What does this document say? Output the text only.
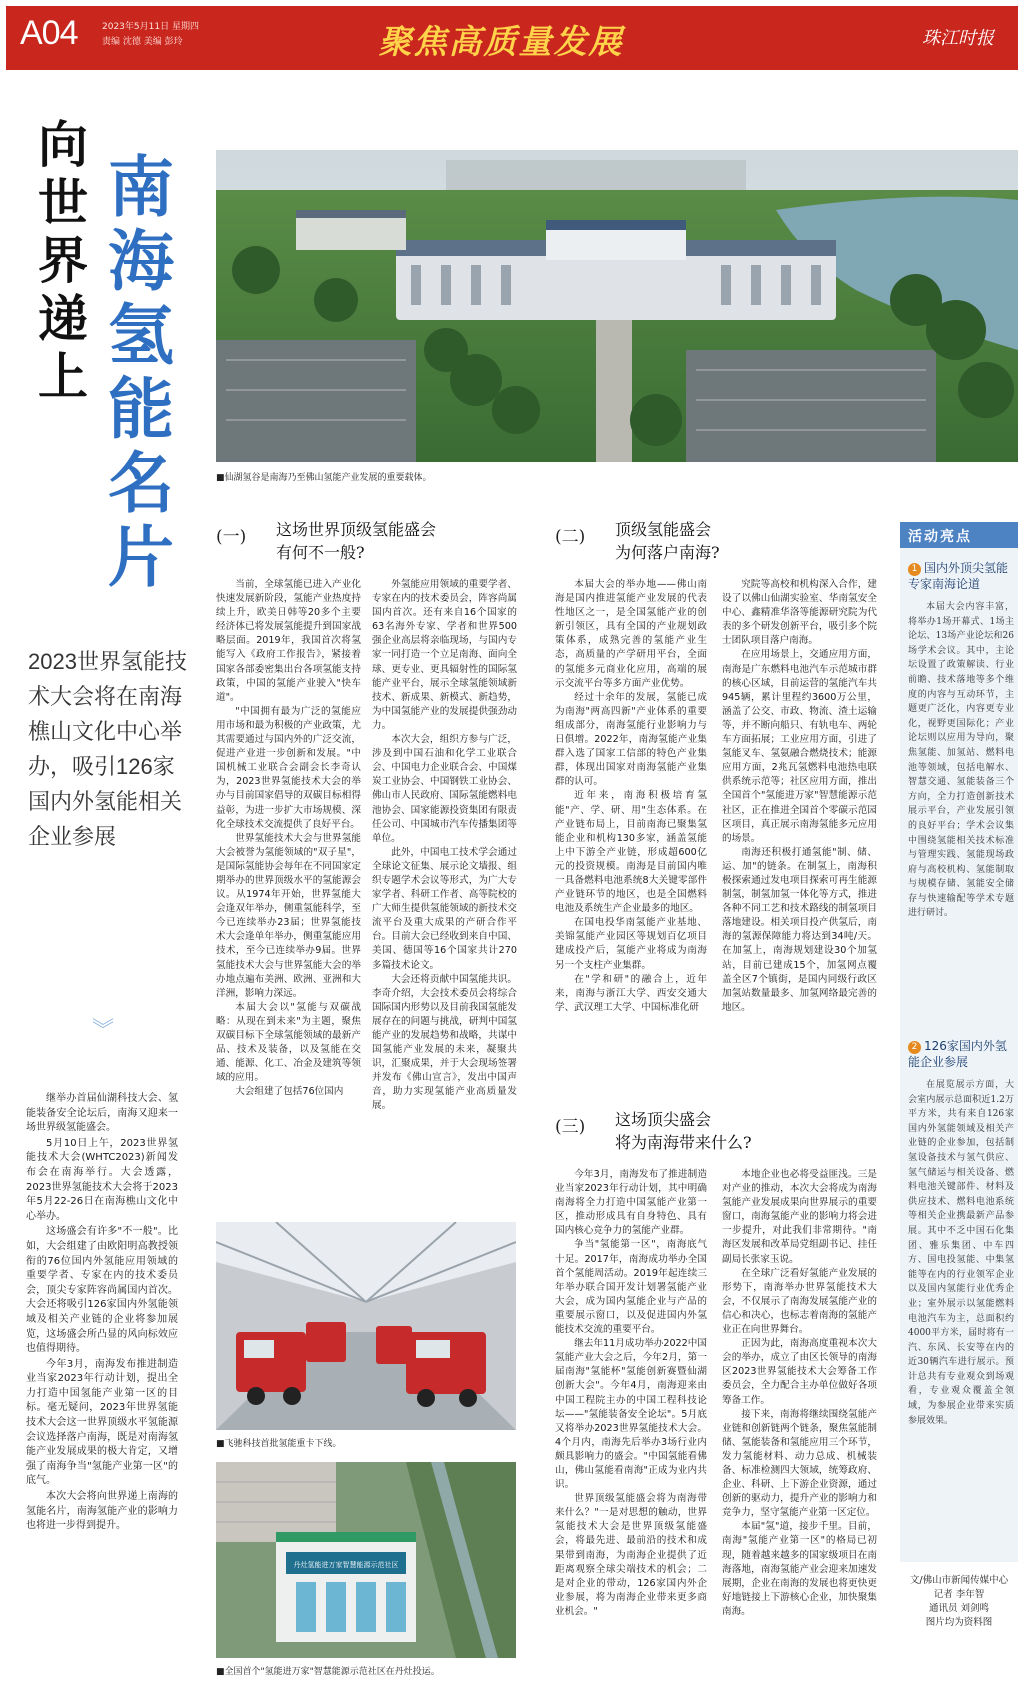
A04	2023年5月11日 星期四
责编 沈德 美编 彭玲	聚焦高质量发展	珠江时报
向
世
界
递
上
南
海
氢
能
名
片
2023世界氢能技术大会将在南海樵山文化中心举办，吸引126家国内外氢能相关企业参展
︾

继举办首届仙湖科技大会、氢能装备安全论坛后，南海又迎来一场世界级氢能盛会。

5月10日上午，2023世界氢能技术大会(WHTC2023)新闻发布会在南海举行。大会透露，2023世界氢能技术大会将于2023年5月22-26日在南海樵山文化中心举办。

这场盛会有许多"不一般"。比如，大会组建了由欧阳明高教授领衔的76位国内外氢能应用领域的重要学者、专家在内的技术委员会，顶尖专家阵容尚属国内首次。大会还将吸引126家国内外氢能领域及相关产业链的企业将参加展览，这场盛会所凸显的风向标效应也值得期待。

今年3月，南海发布推进制造业当家2023年行动计划，提出全力打造中国氢能产业第一区的目标。毫无疑问，2023年世界氢能技术大会这一世界顶级水平氢能源会议选择落户南海，既是对南海氢能产业发展成果的极大肯定，又增强了南海争当"氢能产业第一区"的底气。

本次大会将向世界递上南海的氢能名片，南海氢能产业的影响力也将进一步得到提升。

■仙湖氢谷是南海乃至佛山氢能产业发展的重要载体。
(一) 这场世界顶级氢能盛会
有何不一般?
(二) 顶级氢能盛会
为何落户南海?
(三) 这场顶尖盛会
将为南海带来什么?

当前，全球氢能已进入产业化快速发展新阶段，氢能产业热度持续上升，欧美日韩等20多个主要经济体已将发展氢能提升到国家战略层面。2019年，我国首次将氢能写入《政府工作报告》，紧接着国家各部委密集出台各项氢能支持政策，中国的氢能产业驶入"快车道"。

"中国拥有最为广泛的氢能应用市场和最为积极的产业政策，尤其需要通过与国内外的广泛交流，促进产业进一步创新和发展。"中国机械工业联合会副会长李奇认为，2023世界氢能技术大会的举办与目前国家倡导的双碳目标相得益彰，为进一步扩大市场规模、深化全球技术交流提供了良好平台。

世界氢能技术大会与世界氢能大会被誉为氢能领域的"双子星"，是国际氢能协会每年在不同国家定期举办的世界顶级水平的氢能源会议。从1974年开始，世界氢能大会逢双年举办，侧重氢能科学，至今已连续举办23届；世界氢能技术大会逢单年举办，侧重氢能应用技术，至今已连续举办9届。世界氢能技术大会与世界氢能大会的举办地点遍布美洲、欧洲、亚洲和大洋洲，影响力深远。

本届大会以"氢能与双碳战略：从现在到未来"为主题，聚焦双碳目标下全球氢能领域的最新产品、技术及装备，以及氢能在交通、能源、化工、冶金及建筑等领域的应用。

大会组建了包括76位国内

外氢能应用领域的重要学者、专家在内的技术委员会，阵容尚属国内首次。还有来自16个国家的63名海外专家、学者和世界500强企业高层将亲临现场，与国内专家一同打造一个立足南海、面向全球、更专业、更具辐射性的国际氢能产业平台，展示全球氢能领域新技术、新成果、新模式、新趋势，为中国氢能产业的发展提供强劲动力。

本次大会，组织方参与广泛，涉及到中国石油和化学工业联合会、中国电力企业联合会、中国煤炭工业协会、中国钢铁工业协会、佛山市人民政府、国际氢能燃料电池协会、国家能源投资集团有限责任公司、中国城市汽车传播集团等单位。

此外，中国电工技术学会通过全球论文征集、展示论文墙报、组织专题学术会议等形式，为广大专家学者、科研工作者、高等院校的广大师生提供氢能领域的新技术交流平台及重大成果的产研合作平台。目前大会已经收到来自中国、美国、德国等16个国家共计270多篇技术论文。

大会还将贡献中国氢能共识。李奇介绍，大会技术委员会将综合国际国内形势以及目前我国氢能发展存在的问题与挑战，研判中国氢能产业的发展趋势和战略，共谋中国氢能产业发展的未来，凝聚共识，汇聚成果，并于大会现场签署并发布《佛山宣言》，发出中国声音，助力实现氢能产业高质量发展。

本届大会的举办地——佛山南海是国内推进氢能产业发展的代表性地区之一，是全国氢能产业的创新引领区，具有全国的产业规划政策体系，成熟完善的氢能产业生态，高质量的产学研用平台，全面的氢能多元商业化应用，高端的展示交流平台等多方面产业优势。

经过十余年的发展，氢能已成为南海"两高四新"产业体系的重要组成部分，南海氢能行业影响力与日俱增。2022年，南海氢能产业集群入选了国家工信部的特色产业集群，体现出国家对南海氢能产业集群的认可。

近年来，南海积极培育氢能"产、学、研、用"生态体系。在产业链布局上，目前南海已聚集氢能企业和机构130多家，涵盖氢能上中下游全产业链，形成超600亿元的投资规模。南海是目前国内唯一具备燃料电池系统8大关键零部件产业链环节的地区，也是全国燃料电池及系统生产企业最多的地区。

在国电投华南氢能产业基地、美锦氢能产业园区等规划百亿项目建成投产后，氢能产业将成为南海另一个支柱产业集群。

在"学和研"的融合上，近年来，南海与浙江大学、西安交通大学、武汉理工大学、中国标准化研

究院等高校和机构深入合作，建设了以佛山仙湖实验室、华南氢安全中心、鑫精准华洛等能源研究院为代表的多个研发创新平台，吸引多个院士团队项目落户南海。

在应用场景上，交通应用方面，南海是广东燃料电池汽车示范城市群的核心区域，目前运营的氢能汽车共945辆，累计里程约3600万公里，涵盖了公交、市政、物流、渣土运输等，并不断向船只、有轨电车、两轮车方面拓展；工业应用方面，引进了氢能叉车、氢氨融合燃烧技术；能源应用方面，2兆瓦氢燃料电池热电联供系统示范等；社区应用方面，推出全国首个"氢能进万家"智慧能源示范社区，正在推进全国首个零碳示范园区项目，真正展示南海氢能多元应用的场景。

南海还积极打通氢能"制、储、运、加"的链条。在制氢上，南海积极探索通过发电项目探索可再生能源制氢，制氢加氢一体化等方式，推进各种不同工艺和技术路线的制氢项目落地建设。相关项目投产供氢后，南海的氢源保障能力将达到34吨/天。在加氢上，南海规划建设30个加氢站，目前已建成15个，加氢网点覆盖全区7个镇街，是国内同级行政区加氢站数量最多、加氢网络最完善的地区。

今年3月，南海发布了推进制造业当家2023年行动计划，其中明确南海将全力打造中国氢能产业第一区，推动形成具有自身特色、具有国内核心竞争力的氢能产业群。

争当"氢能第一区"，南海底气十足。2017年，南海成功举办全国首个氢能周活动。2019年起连续三年举办联合国开发计划署氢能产业大会，成为国内氢能企业与产品的重要展示窗口，以及促进国内外氢能技术交流的重要平台。

继去年11月成功举办2022中国氢能产业大会之后，今年2月，第一届南海"氢能杯"氢能创新赛暨仙湖创新大会"。今年4月，南海迎来由中国工程院主办的中国工程科技论坛——"氢能装备安全论坛"。5月底又将举办2023世界氢能技术大会。4个月内，南海先后举办3场行业内颇具影响力的盛会。"中国氢能看佛山，佛山氢能看南海"正成为业内共识。

世界顶级氢能盛会将为南海带来什么？"一是对思想的触动，世界氢能技术大会是世界顶级氢能盛会，将最先进、最前沿的技术和成果带到南海，为南海企业提供了近距离观察全球尖端技术的机会；二是对企业的带动，126家国内外企业参展，将为南海企业带来更多商业机会。"

本地企业也必将受益匪浅。三是对产业的推动，本次大会将成为南海氢能产业发展成果向世界展示的重要窗口，南海氢能产业的影响力将会进一步提升，对此我们非常期待。"南海区发展和改革局党组副书记、挂任副局长张家玉说。

在全球广泛看好氢能产业发展的形势下，南海举办世界氢能技术大会，不仅展示了南海发展氢能产业的信心和决心，也标志着南海的氢能产业正在向世界舞台。

正因为此，南海高度重视本次大会的举办，成立了由区长领导的南海区2023世界氢能技术大会筹备工作委员会，全力配合主办单位做好各项筹备工作。

接下来，南海将继续围绕氢能产业链和创新链两个链条，聚焦氢能制储、氢能装备和氢能应用三个环节，发力氢能材料、动力总成、机械装备、标准检测四大领域，统筹政府、企业、科研、上下游企业资源，通过创新的驱动力，提升产业的影响力和竞争力，坚守氢能产业第一区定位。

本届"氢"道，接步千里。目前，南海"氢能产业第一区"的格局已初现，随着越来越多的国家级项目在南海落地，南海氢能产业会迎来加速发展期，企业在南海的发展也将更快更好地链接上下游核心企业，加快聚集南海。

■飞驰科技首批氢能重卡下线。
丹灶氢能进万家智慧能源示范社区
■全国首个"氢能进万家"智慧能源示范社区在丹灶投运。
活动亮点
1 国内外顶尖氢能专家南海论道

本届大会内容丰富，将举办1场开幕式、1场主论坛、13场产业论坛和26场学术会议。其中，主论坛设置了政策解读、行业前瞻、技术落地等多个维度的内容与互动环节，主题更广泛化，内容更专业化，视野更国际化；产业论坛则以应用为导向，聚焦氢能、加氢站、燃料电池等领域，包括电解水、智慧交通、氢能装备三个方向，全力打造创新技术展示平台，产业发展引领的良好平台；学术会议集中围绕氢能相关技术标准与管理实践、氢能现场政府与高校机构、氢能制取与规模存储、氢能安全储存与快速输配等学术专题进行研讨。

2 126家国内外氢能企业参展

在展览展示方面，大会室内展示总面积近1.2万平方米，共有来自126家国内外氢能领域及相关产业链的企业参加，包括制氢设备技术与氢气供应、氢气储运与相关设备、燃料电池关键部件、材料及供应技术、燃料电池系统等相关企业携最新产品参展。其中不乏中国石化集团、雅乐集团、中车四方、国电投氢能、中集氢能等在内的行业领军企业以及国内氢能行业优秀企业；室外展示以氢能燃料电池汽车为主，总面积约4000平方米，届时将有一汽、东风、长安等在内的近30辆汽车进行展示。预计总共有专业观众到场观看，专业观众覆盖全领域，为参展企业带来实质参展效果。

文/佛山市新闻传媒中心
记者 李年智
通讯员 刘剑鸣
图片均为资料图
